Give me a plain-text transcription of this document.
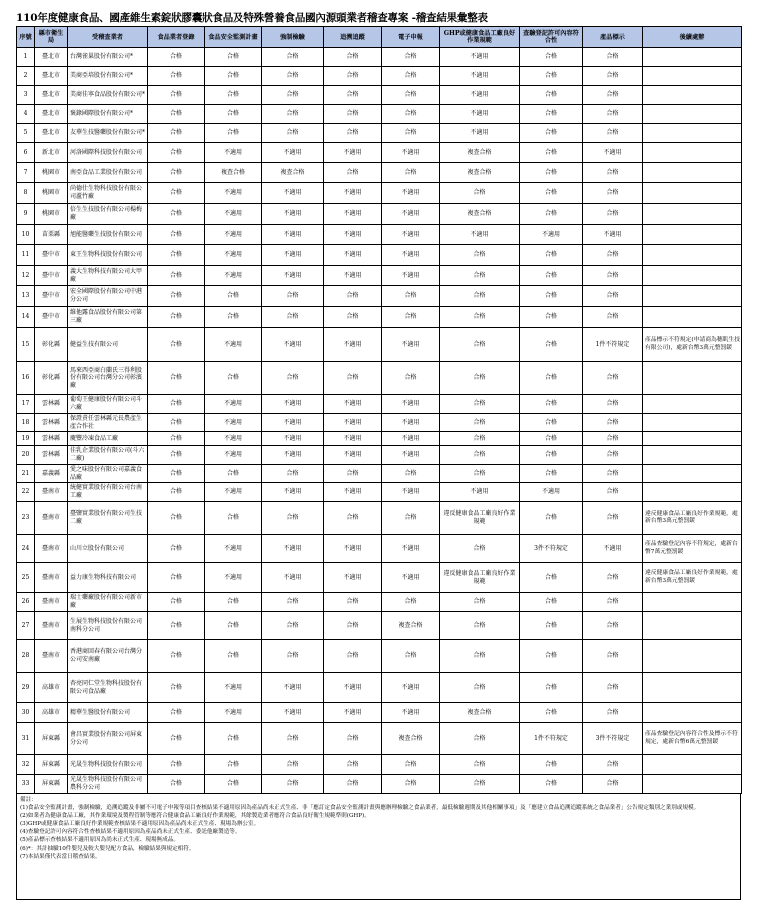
110年度健康食品、國產維生素錠狀膠囊狀食品及特殊營養食品國內源頭業者稽查專案 -稽查結果彙整表
序號	縣市衛生局	受稽查業者	食品業者登錄	食品安全監測計畫	強制檢驗	追溯追蹤	電子申報	GHP或健康食品工廠良好作業規範	查驗登記許可內容符合性	產品標示	後續處辦
1	臺北市	台灣雀巢股份有限公司*	合格	合格	合格	合格	合格	不適用	合格	合格	
2	臺北市	美商亞培股份有限公司*	合格	合格	合格	合格	合格	不適用	合格	合格	
3	臺北市	美商佳寧食品股份有限公司*	合格	合格	合格	合格	合格	不適用	合格	合格	
4	臺北市	褒錄國際股份有限公司*	合格	合格	合格	合格	合格	不適用	合格	合格	
5	臺北市	友華生技醫藥股份有限公司*	合格	合格	合格	合格	合格	不適用	合格	合格	
6	新北市	河洛國際科技股份有限公司	合格	不適用	不適用	不適用	不適用	複查合格	合格	不適用	
7	桃園市	南亞食品工業股份有限公司	合格	複查合格	複查合格	合格	合格	複查合格	合格	合格	
8	桃園市	尚德仕生物科技股份有限公司蘆竹廠	合格	不適用	不適用	不適用	不適用	合格	合格	合格	
9	桃園市	倍生生技股份有限公司楊梅廠	合格	不適用	不適用	不適用	不適用	複查合格	合格	合格	
10	苗栗縣	旭能醫藥生技股份有限公司	合格	不適用	不適用	不適用	不適用	不適用	不適用	不適用	
11	臺中市	東王生物科技股份有限公司	合格	不適用	不適用	不適用	不適用	合格	合格	合格	
12	臺中市	義大生物科技有限公司大甲廠	合格	不適用	不適用	不適用	不適用	合格	合格	合格	
13	臺中市	宏全國際股份有限公司中港分公司	合格	合格	合格	合格	合格	合格	合格	合格	
14	臺中市	維他露食品股份有限公司第三廠	合格	合格	合格	合格	合格	合格	合格	合格	
15	彰化縣	健益生技有限公司	合格	不適用	不適用	不適用	不適用	合格	合格	1件不符規定	產品標示不符規定(申請商為穗肌生技有限公司)，處新台幣3萬元整罰鍰
16	彰化縣	馬來西亞商白蘭氏三得利股份有限公司台灣分公司彰濱廠	合格	合格	合格	合格	合格	合格	合格	合格	
17	雲林縣	葡萄王健康股份有限公司斗六廠	合格	不適用	不適用	不適用	不適用	合格	合格	合格	
18	雲林縣	保證責任雲林縣元長農產生產合作社	合格	不適用	不適用	不適用	不適用	合格	合格	合格	
19	雲林縣	慶豐冷凍食品工廠	合格	不適用	不適用	不適用	不適用	合格	合格	合格	
20	雲林縣	佳乳企業股份有限公司(斗六二廠)	合格	不適用	不適用	不適用	不適用	合格	合格	合格	
21	嘉義縣	愛之味股份有限公司嘉義食品廠	合格	合格	合格	合格	合格	合格	合格	合格	
22	臺南市	統健實業股份有限公司台南工廠	合格	不適用	不適用	不適用	不適用	不適用	不適用	合格	
23	臺南市	臺鹽實業股份有限公司生技二廠	合格	合格	合格	合格	合格	違反健康食品工廠良好作業規範	合格	合格	違反健康食品工廠良好作業規範，處新台幣3萬元整罰鍰
24	臺南市	山川立股份有限公司	合格	不適用	不適用	不適用	不適用	合格	3件不符規定	不適用	產品查驗登記內容不符規定，處新台幣7萬元整罰鍰
25	臺南市	益力康生物科技有限公司	合格	不適用	不適用	不適用	不適用	違反健康食品工廠良好作業規範	合格	合格	違反健康食品工廠良好作業規範，處新台幣3萬元整罰鍰
26	臺南市	瑞士藥廠股份有限公司新市廠	合格	合格	合格	合格	合格	合格	合格	合格	
27	臺南市	生展生物科技股份有限公司南科分公司	合格	合格	合格	合格	複查合格	合格	合格	合格	
28	臺南市	香港商回春有限公司台灣分公司安南廠	合格	合格	合格	合格	合格	合格	合格	合格	
29	高雄市	杏亮同仁堂生物科技股份有限公司食品廠	合格	不適用	不適用	不適用	不適用	合格	合格	合格	
30	高雄市	精華生醫股份有限公司	合格	不適用	不適用	不適用	不適用	複查合格	合格	合格	
31	屏東縣	會昌實業股份有限公司屏東分公司	合格	合格	合格	合格	複查合格	合格	1件不符規定	3件不符規定	產品查驗登記內容符合性及標示不符規定，處新台幣6萬元整罰鍰
32	屏東縣	光晟生物科技股份有限公司	合格	合格	合格	合格	合格	合格	合格	合格	
33	屏東縣	光晟生物科技股份有限公司農科分公司	合格	合格	合格	合格	合格	合格	合格	合格	
備註：
(1)食品安全監測計畫，強制檢驗，追溯追蹤及非屬不可電子申報等項目查核結果不適用原因為產品尚未正式生產、非「應訂定食品安全監測計畫與應辦理檢驗之食品業者，最低檢驗週期及其他相關事項」及「應建立食品追溯追蹤系統之食品業者」公告規定類別之業別或規模。
(2)如業者為健康食品工廠，其作業環境及製程管制等應符合健康食品工廠良好作業規範，其餘製造業者應符合食品良好衛生規範準則(GHP)。
(3)GHP或健康食品工廠良好作業規範查核結果不適用原因為產品尚未正式生產、現場為辦公室。
(4)查驗登記許可內容符合性查核結果不適用原因為產品尚未正式生產、委託他廠製造等。
(5)產品標示查核結果不適用原因為尚未正式生產、現場無成品。
(6)*：其計抽驗10件嬰兒及較大嬰兒配方食品，檢驗結果與規定相符。
(7)本結果僅代表當日稽查結果。
